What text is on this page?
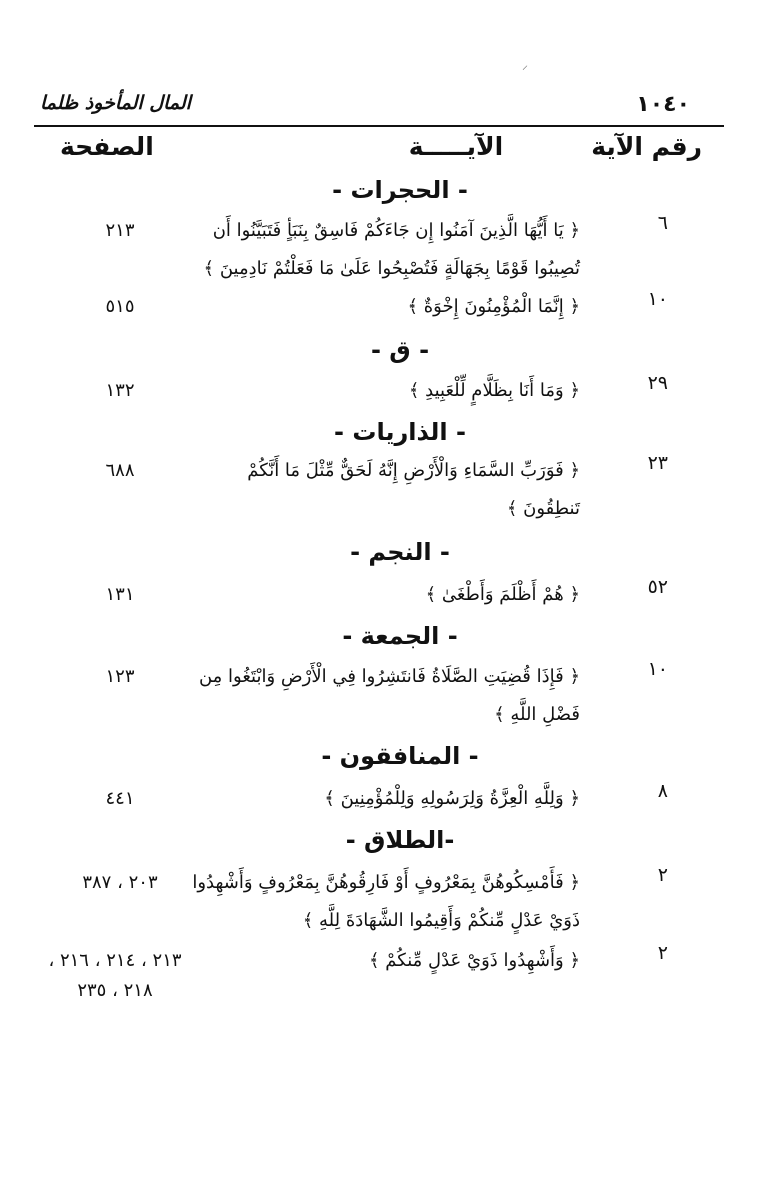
١٠٤٠
المال المأخوذ ظلما
⸝
رقم الآية
الآيـــــة
الصفحة
- الحجرات -
٦
﴿ يَا أَيُّهَا الَّذِينَ آمَنُوا إِن جَاءَكُمْ فَاسِقٌ بِنَبَأٍ فَتَبَيَّنُوا أَن تُصِيبُوا قَوْمًا بِجَهَالَةٍ فَتُصْبِحُوا عَلَىٰ مَا فَعَلْتُمْ نَادِمِينَ ﴾
٢١٣
١٠
﴿ إِنَّمَا الْمُؤْمِنُونَ إِخْوَةٌ ﴾
٥١٥
- ق -
٢٩
﴿ وَمَا أَنَا بِظَلَّامٍ لِّلْعَبِيدِ ﴾
١٣٢
- الذاريات -
٢٣
﴿ فَوَرَبِّ السَّمَاءِ وَالْأَرْضِ إِنَّهُ لَحَقٌّ مِّثْلَ مَا أَنَّكُمْ تَنطِقُونَ ﴾
٦٨٨
- النجم -
٥٢
﴿ هُمْ أَظْلَمَ وَأَطْغَىٰ ﴾
١٣١
- الجمعة -
١٠
﴿ فَإِذَا قُضِيَتِ الصَّلَاةُ فَانتَشِرُوا فِي الْأَرْضِ وَابْتَغُوا مِن فَضْلِ اللَّهِ ﴾
١٢٣
- المنافقون -
٨
﴿ وَلِلَّهِ الْعِزَّةُ وَلِرَسُولِهِ وَلِلْمُؤْمِنِينَ ﴾
٤٤١
-الطلاق -
٢
﴿ فَأَمْسِكُوهُنَّ بِمَعْرُوفٍ أَوْ فَارِقُوهُنَّ بِمَعْرُوفٍ وَأَشْهِدُوا ذَوَيْ عَدْلٍ مِّنكُمْ وَأَقِيمُوا الشَّهَادَةَ لِلَّهِ ﴾
٢٠٣ ، ٣٨٧
٢
﴿ وَأَشْهِدُوا ذَوَيْ عَدْلٍ مِّنكُمْ ﴾
٢١٣ ، ٢١٤ ، ٢١٦ ، ٢١٨ ، ٢٣٥
